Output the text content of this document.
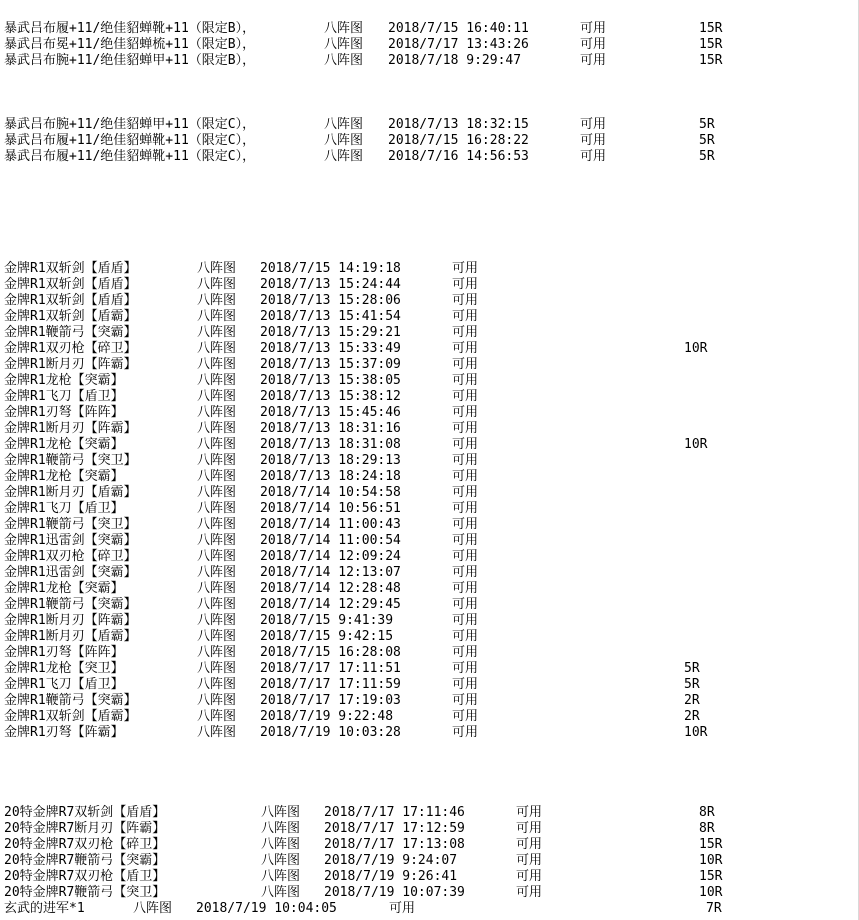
暴武吕布履+11/绝佳貂蝉靴+11（限定B），	八阵图 2018/7/15 16:40:11	可用	15R
暴武吕布冕+11/绝佳貂蝉梳+11（限定B），	八阵图 2018/7/17 13:43:26	可用	15R
暴武吕布腕+11/绝佳貂蝉甲+11（限定B），	八阵图 2018/7/18 9:29:47	可用	15R
暴武吕布腕+11/绝佳貂蝉甲+11（限定C），	八阵图 2018/7/13 18:32:15	可用	5R
暴武吕布履+11/绝佳貂蝉靴+11（限定C），	八阵图 2018/7/15 16:28:22	可用	5R
暴武吕布履+11/绝佳貂蝉靴+11（限定C），	八阵图 2018/7/16 14:56:53	可用	5R
金牌R1双斩剑【盾盾】	八阵图 2018/7/15 14:19:18	可用
金牌R1双斩剑【盾盾】	八阵图 2018/7/13 15:24:44	可用
金牌R1双斩剑【盾盾】	八阵图 2018/7/13 15:28:06	可用
金牌R1双斩剑【盾霸】	八阵图 2018/7/13 15:41:54	可用
金牌R1鞭箭弓【突霸】	八阵图 2018/7/13 15:29:21	可用
金牌R1双刃枪【碎卫】	八阵图 2018/7/13 15:33:49	可用	10R
金牌R1断月刃【阵霸】	八阵图 2018/7/13 15:37:09	可用
金牌R1龙枪【突霸】	八阵图 2018/7/13 15:38:05	可用
金牌R1飞刀【盾卫】	八阵图 2018/7/13 15:38:12	可用
金牌R1刃弩【阵阵】	八阵图 2018/7/13 15:45:46	可用
金牌R1断月刃【阵霸】	八阵图 2018/7/13 18:31:16	可用
金牌R1龙枪【突霸】	八阵图 2018/7/13 18:31:08	可用	10R
金牌R1鞭箭弓【突卫】	八阵图 2018/7/13 18:29:13	可用
金牌R1龙枪【突霸】	八阵图 2018/7/13 18:24:18	可用
金牌R1断月刃【盾霸】	八阵图 2018/7/14 10:54:58	可用
金牌R1飞刀【盾卫】	八阵图 2018/7/14 10:56:51	可用
金牌R1鞭箭弓【突卫】	八阵图 2018/7/14 11:00:43	可用
金牌R1迅雷剑【突霸】	八阵图 2018/7/14 11:00:54	可用
金牌R1双刃枪【碎卫】	八阵图 2018/7/14 12:09:24	可用
金牌R1迅雷剑【突霸】	八阵图 2018/7/14 12:13:07	可用
金牌R1龙枪【突霸】	八阵图 2018/7/14 12:28:48	可用
金牌R1鞭箭弓【突霸】	八阵图 2018/7/14 12:29:45	可用
金牌R1断月刃【阵霸】	八阵图 2018/7/15 9:41:39	可用
金牌R1断月刃【盾霸】	八阵图 2018/7/15 9:42:15	可用
金牌R1刃弩【阵阵】	八阵图 2018/7/15 16:28:08	可用
金牌R1龙枪【突卫】	八阵图 2018/7/17 17:11:51	可用	5R
金牌R1飞刀【盾卫】	八阵图 2018/7/17 17:11:59	可用	5R
金牌R1鞭箭弓【突霸】	八阵图 2018/7/17 17:19:03	可用	2R
金牌R1双斩剑【盾霸】	八阵图 2018/7/19 9:22:48	可用	2R
金牌R1刃弩【阵霸】	八阵图 2018/7/19 10:03:28	可用	10R
20特金牌R7双斩剑【盾盾】	八阵图 2018/7/17 17:11:46	可用	8R
20特金牌R7断月刃【阵霸】	八阵图 2018/7/17 17:12:59	可用	8R
20特金牌R7双刃枪【碎卫】	八阵图 2018/7/17 17:13:08	可用	15R
20特金牌R7鞭箭弓【突霸】	八阵图 2018/7/19 9:24:07	可用	10R
20特金牌R7双刃枪【盾卫】	八阵图 2018/7/19 9:26:41	可用	15R
20特金牌R7鞭箭弓【突卫】	八阵图 2018/7/19 10:07:39	可用	10R
玄武的进军*1	八阵图 2018/7/19 10:04:05	可用	7R
